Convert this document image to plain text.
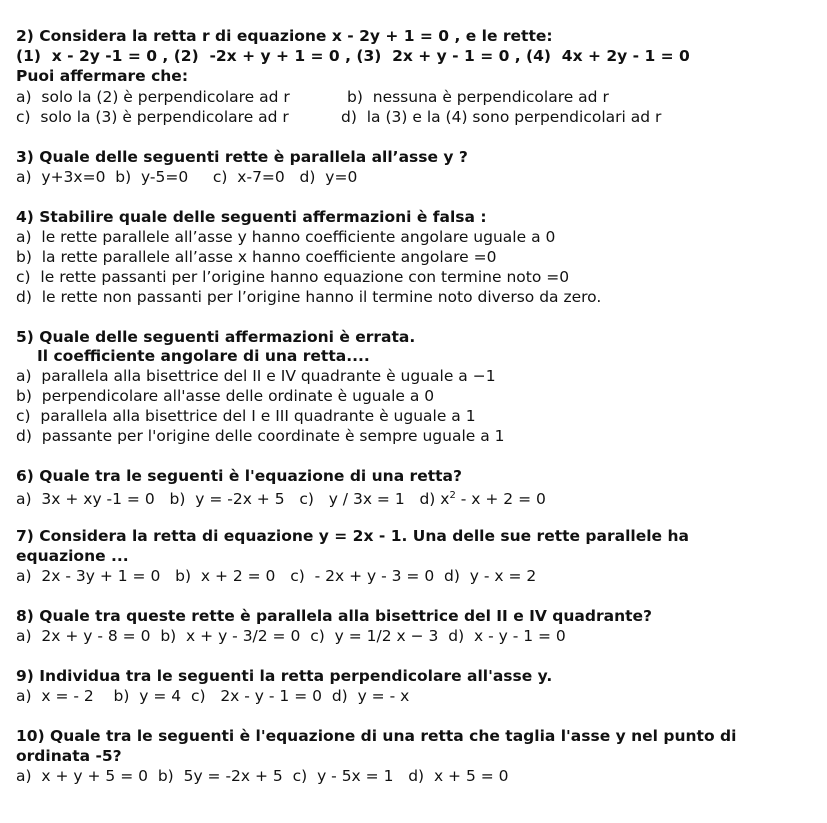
2) Considera la retta r di equazione x - 2y + 1 = 0 , e le rette:
(1)  x - 2y -1 = 0 , (2)  -2x + y + 1 = 0 , (3)  2x + y - 1 = 0 , (4)  4x + 2y - 1 = 0
Puoi affermare che:
a)  solo la (2) è perpendicolare ad r	b)  nessuna è perpendicolare ad r
c)  solo la (3) è perpendicolare ad r	d)  la (3) e la (4) sono perpendicolari ad r
3) Quale delle seguenti rette è parallela all’asse y ?
a)  y+3x=0  b)  y-5=0     c)  x-7=0   d)  y=0
4) Stabilire quale delle seguenti affermazioni è falsa :
a)  le rette parallele all’asse y hanno coefficiente angolare uguale a 0
b)  la rette parallele all’asse x hanno coefficiente angolare =0
c)  le rette passanti per l’origine hanno equazione con termine noto =0
d)  le rette non passanti per l’origine hanno il termine noto diverso da zero.
5) Quale delle seguenti affermazioni è errata.
Il coefficiente angolare di una retta....
a)  parallela alla bisettrice del II e IV quadrante è uguale a −1
b)  perpendicolare all'asse delle ordinate è uguale a 0
c)  parallela alla bisettrice del I e III quadrante è uguale a 1
d)  passante per l'origine delle coordinate è sempre uguale a 1
6) Quale tra le seguenti è l'equazione di una retta?
a)  3x + xy -1 = 0   b)  y = -2x + 5   c)   y / 3x = 1   d) $x^2 - x + 2 = 0$
7) Considera la retta di equazione y = 2x - 1. Una delle sue rette parallele ha
equazione ...
a)  2x - 3y + 1 = 0   b)  x + 2 = 0   c)  - 2x + y - 3 = 0  d)  y - x = 2
8) Quale tra queste rette è parallela alla bisettrice del II e IV quadrante?
a)  2x + y - 8 = 0  b)  x + y - 3/2 = 0  c)  y = 1/2 x − 3  d)  x - y - 1 = 0
9) Individua tra le seguenti la retta perpendicolare all'asse y.
a)  x = - 2    b)  y = 4  c)   2x - y - 1 = 0  d)  y = - x
10) Quale tra le seguenti è l'equazione di una retta che taglia l'asse y nel punto di
ordinata -5?
a)  x + y + 5 = 0  b)  5y = -2x + 5  c)  y - 5x = 1   d)  x + 5 = 0
